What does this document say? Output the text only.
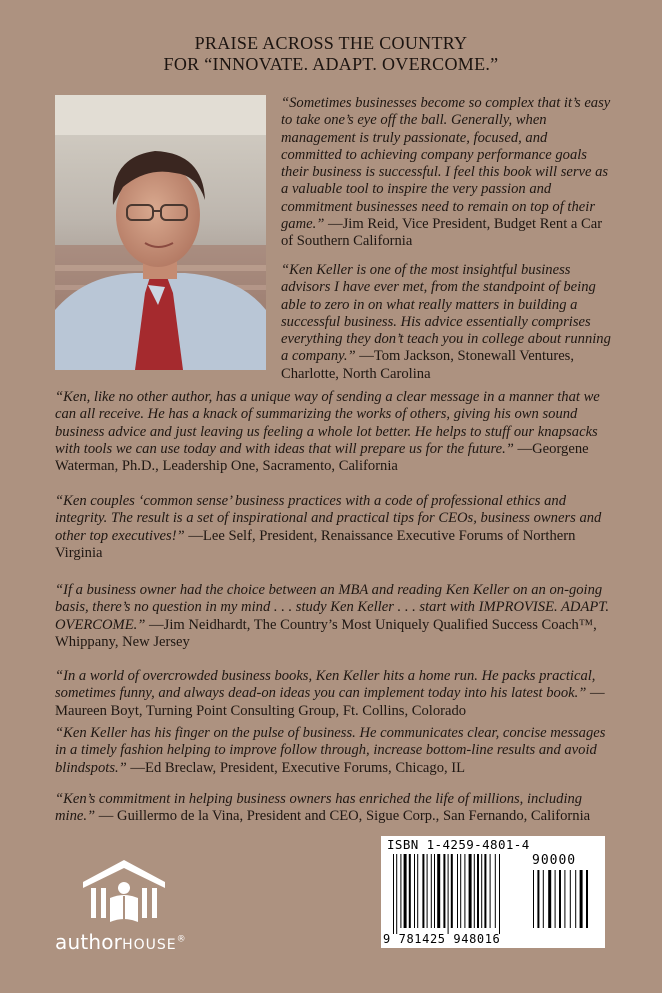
PRAISE ACROSS THE COUNTRY
FOR “INNOVATE. ADAPT. OVERCOME.”
“Sometimes businesses become so complex that it’s easy to take one’s eye off the ball. Generally, when management is truly passionate, focused, and committed to achieving company performance goals their business is successful. I feel this book will serve as a valuable tool to inspire the very passion and commitment businesses need to remain on top of their game.” —Jim Reid, Vice President, Budget Rent a Car of Southern California
“Ken Keller is one of the most insightful business advisors I have ever met, from the standpoint of being able to zero in on what really matters in building a successful business. His advice essentially comprises everything they don’t teach you in college about running a company.” —Tom Jackson, Stonewall Ventures, Charlotte, North Carolina
“Ken, like no other author, has a unique way of sending a clear message in a manner that we can all receive. He has a knack of summarizing the works of others, giving his own sound business advice and just leaving us feeling a whole lot better. He helps to stuff our knapsacks with tools we can use today and with ideas that will prepare us for the future.” —Georgene Waterman, Ph.D., Leadership One, Sacramento, California
“Ken couples ‘common sense’ business practices with a code of professional ethics and integrity. The result is a set of inspirational and practical tips for CEOs, business owners and other top executives!” —Lee Self, President, Renaissance Executive Forums of Northern Virginia
“If a business owner had the choice between an MBA and reading Ken Keller on an on-going basis, there’s no question in my mind . . . study Ken Keller . . . start with IMPROVISE. ADAPT. OVERCOME.” —Jim Neidhardt, The Country’s Most Uniquely Qualified Success Coach™, Whippany, New Jersey
“In a world of overcrowded business books, Ken Keller hits a home run. He packs practical, sometimes funny, and always dead-on ideas you can implement today into his latest book.” —Maureen Boyt, Turning Point Consulting Group, Ft. Collins, Colorado
“Ken Keller has his finger on the pulse of business. He communicates clear, concise messages in a timely fashion helping to improve follow through, increase bottom-line results and avoid blindspots.” —Ed Breclaw, President, Executive Forums, Chicago, IL
“Ken’s commitment in helping business owners has enriched the life of millions, including mine.” — Guillermo de la Vina, President and CEO, Sigue Corp., San Fernando, California
authorHOUSE®
ISBN 1-4259-4801-4
90000
9 781425 948016
